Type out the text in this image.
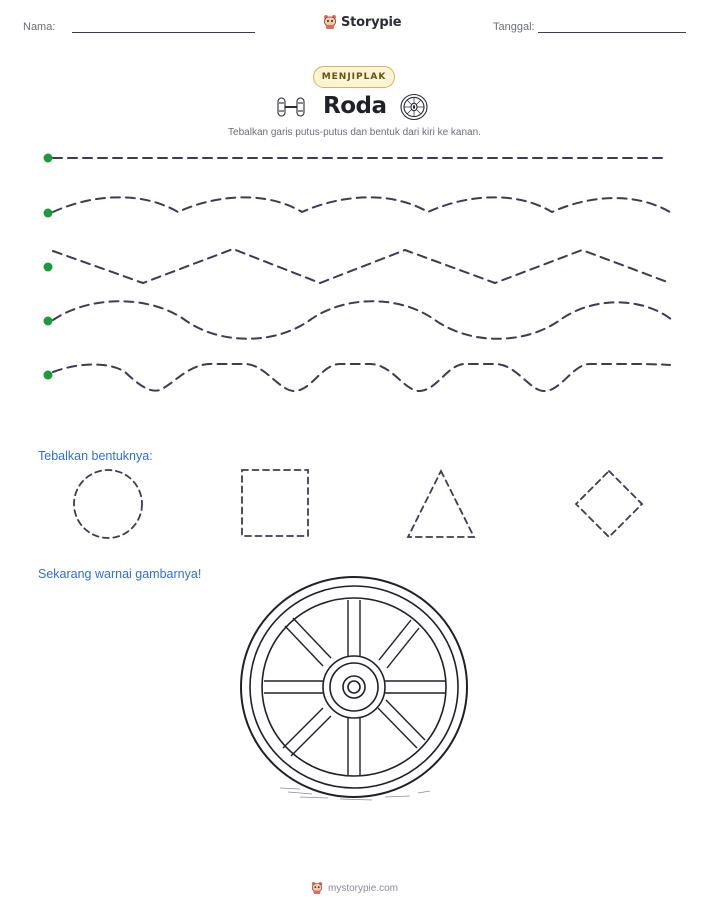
Nama:	Storypie	Tanggal:
MENJIPLAK
Roda
Tebalkan garis putus-putus dan bentuk dari kiri ke kanan.
Tebalkan bentuknya:
Sekarang warnai gambarnya!
mystorypie.com
